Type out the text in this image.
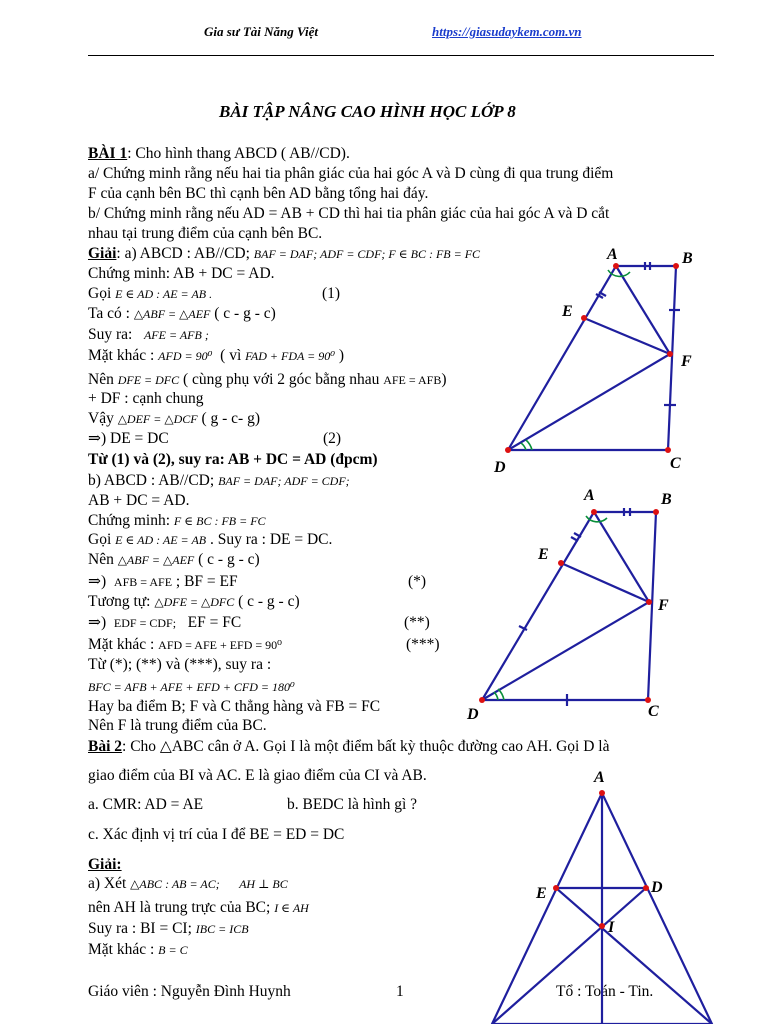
Gia sư Tài Năng Việt	https://giasudaykem.com.vn
BÀI TẬP NÂNG CAO HÌNH HỌC LỚP 8
BÀI 1: Cho hình thang ABCD ( AB//CD).
a/ Chứng minh rằng nếu hai tia phân giác của hai góc A và D cùng đi qua trung điểm
F của cạnh bên BC thì cạnh bên AD bằng tổng hai đáy.
b/ Chứng minh rằng nếu AD = AB + CD thì hai tia phân giác của hai góc A và D cắt
nhau tại trung điểm của cạnh bên BC.
Giải: a) ABCD : AB//CD; BAF = DAF; ADF = CDF; F ∈ BC : FB = FC
Chứng minh: AB + DC = AD.
Gọi E ∈ AD : AE = AB .	(1)
Ta có : △ABF = △AEF ( c - g - c)
Suy ra: AFE = AFB ;
Mặt khác : AFD = 90⁰ ( vì FAD + FDA = 90⁰ )
Nên DFE = DFC ( cùng phụ với 2 góc bằng nhau AFE = AFB)
+ DF : cạnh chung
Vậy △DEF = △DCF ( g - c- g)
⇒) DE = DC	(2)
Từ (1) và (2), suy ra: AB + DC = AD (đpcm)
b) ABCD : AB//CD; BAF = DAF; ADF = CDF;
AB + DC = AD.
Chứng minh: F ∈ BC : FB = FC
Gọi E ∈ AD : AE = AB . Suy ra : DE = DC.
Nên △ABF = △AEF ( c - g - c)
⇒) AFB = AFE ; BF = EF	(*)
Tương tự: △DFE = △DFC ( c - g - c)
⇒) EDF = CDF; EF = FC	(**)
Mặt khác : AFD = AFE + EFD = 90⁰	(***)
Từ (*); (**) và (***), suy ra :
BFC = AFB + AFE + EFD + CFD = 180⁰
Hay ba điểm B; F và C thẳng hàng và FB = FC
Nên F là trung điểm của BC.
Bài 2: Cho △ABC cân ở A. Gọi I là một điểm bất kỳ thuộc đường cao AH. Gọi D là
giao điểm của BI và AC. E là giao điểm của CI và AB.
a. CMR: AD = AE	b. BEDC là hình gì ?
c. Xác định vị trí của I để BE = ED = DC
Giải:
a) Xét △ABC : AB = AC; AH ⊥ BC
nên AH là trung trực của BC; I ∈ AH
Suy ra : BI = CI; IBC = ICB
Mặt khác : B = C
Giáo viên : Nguyễn Đình Huynh	1	Tổ : Toán - Tin.
A	B
E
F
D	C
A	B
E
F
D	C
A
E	D
I
